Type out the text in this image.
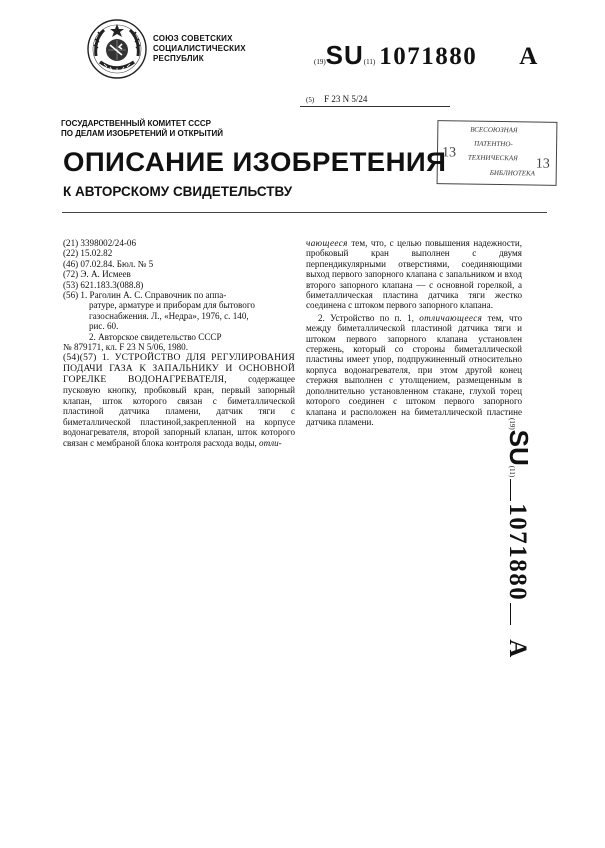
СОЮЗ СОВЕТСКИХ
СОЦИАЛИСТИЧЕСКИХ
РЕСПУБЛИК	(19)SU(11) 1071880 A
(5) F 23 N 5/24
ГОСУДАРСТВЕННЫЙ КОМИТЕТ СССР
ПО ДЕЛАМ ИЗОБРЕТЕНИЙ И ОТКРЫТИЙ	ВСЕСОЮЗНАЯ
ПАТЕНТНО-
ТЕХНИЧЕСКАЯ
БИБЛИОТЕКА
13
13
ОПИСАНИЕ ИЗОБРЕТЕНИЯ
К АВТОРСКОМУ СВИДЕТЕЛЬСТВУ
(21) 3398002/24-06
(22) 15.02.82
(46) 07.02.84. Бюл. № 5
(72) Э. А. Исмеев
(53) 621.183.3(088.8)
(56) 1. Раголин А. С. Справочник по аппа-
ратуре, арматуре и приборам для бытового
газоснабжения. Л., «Недра», 1976, с. 140,
рис. 60.
2. Авторское свидетельство СССР
№ 879171, кл. F 23 N 5/06, 1980.

(54)(57) 1. УСТРОЙСТВО ДЛЯ РЕГУЛИРОВАНИЯ ПОДАЧИ ГАЗА К ЗАПАЛЬНИКУ И ОСНОВНОЙ ГОРЕЛКЕ ВОДОНАГРЕВАТЕЛЯ, содержащее пусковую кнопку, пробковый кран, первый запорный клапан, шток которого связан с биметаллической пластиной датчика пламени, датчик тяги с биметаллической пластиной,закрепленной на корпусе водонагревателя, второй запорный клапан, шток которого связан с мембраной блока контроля расхода воды, отли-

чающееся тем, что, с целью повышения надежности, пробковый кран выполнен с двумя перпендикулярными отверстиями, соединяющими выход первого запорного клапана с запальником и вход второго запорного клапана — с основной горелкой, а биметаллическая пластина датчика тяги жестко соединена с штоком первого запорного клапана.

2. Устройство по п. 1, отличающееся тем, что между биметаллической пластиной датчика тяги и штоком первого запорного клапана установлен стержень, который со стороны биметаллической пластины имеет упор, подпружиненный относительно корпуса водонагревателя, при этом другой конец стержня выполнен с утолщением, размещенным в дополнительно установленном стакане, глухой торец которого соединен с штоком первого запорного клапана и расположен на биметаллической пластине датчика пламени.	(19)SU(11)1071880A
